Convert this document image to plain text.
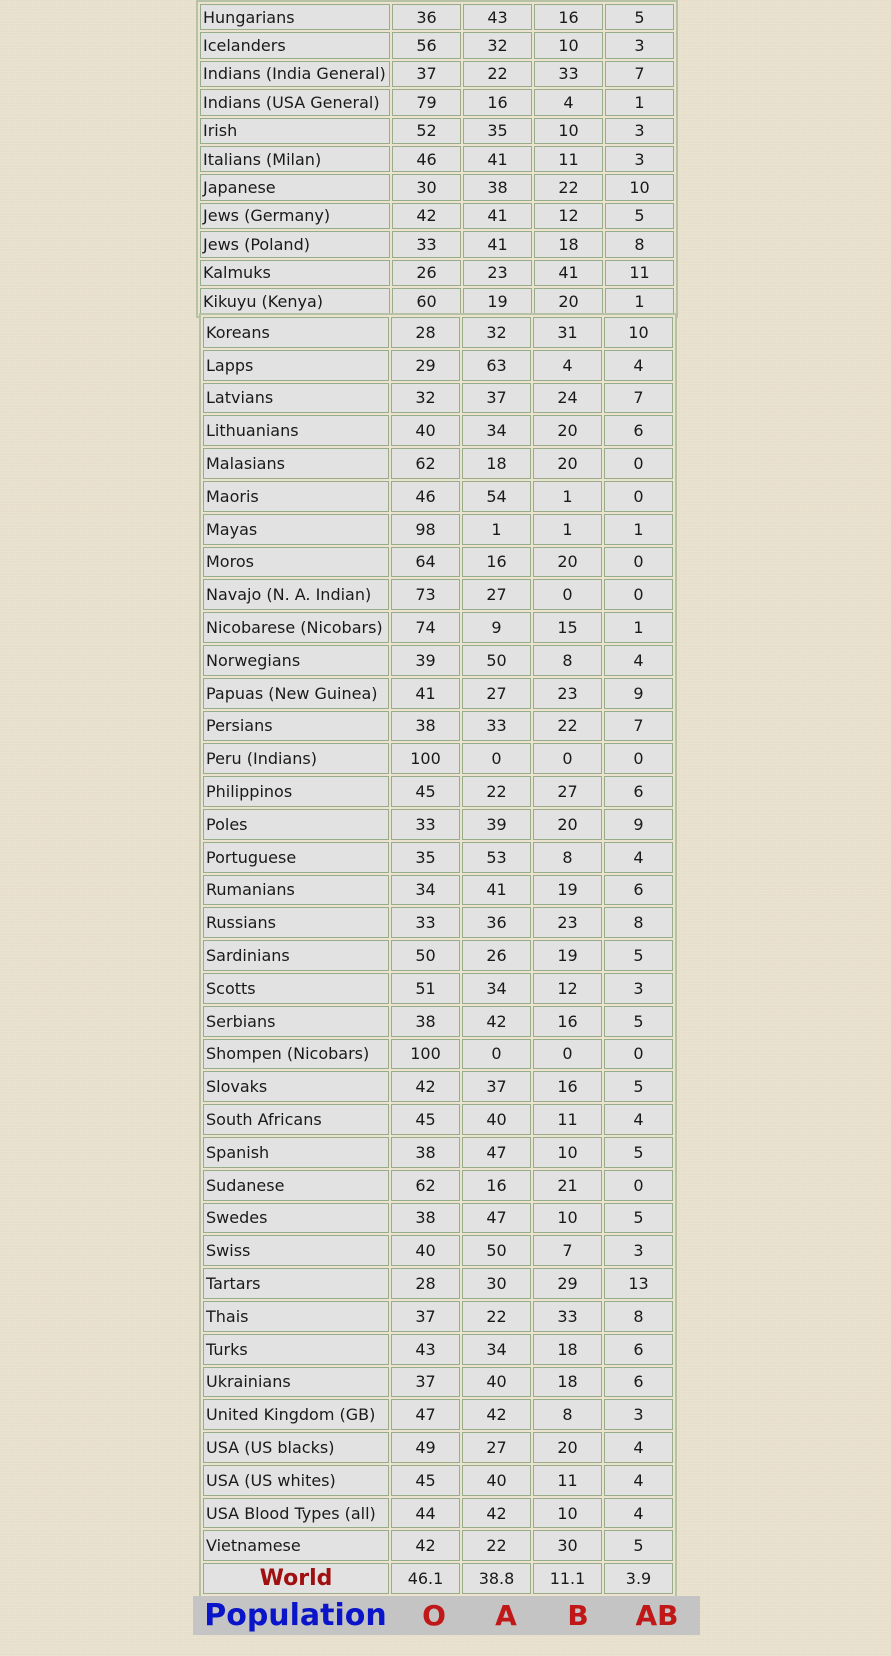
Hungarians	36	43	16	5
Icelanders	56	32	10	3
Indians (India General)	37	22	33	7
Indians (USA General)	79	16	4	1
Irish	52	35	10	3
Italians (Milan)	46	41	11	3
Japanese	30	38	22	10
Jews (Germany)	42	41	12	5
Jews (Poland)	33	41	18	8
Kalmuks	26	23	41	11
Kikuyu (Kenya)	60	19	20	1
Koreans	28	32	31	10
Lapps	29	63	4	4
Latvians	32	37	24	7
Lithuanians	40	34	20	6
Malasians	62	18	20	0
Maoris	46	54	1	0
Mayas	98	1	1	1
Moros	64	16	20	0
Navajo (N. A. Indian)	73	27	0	0
Nicobarese (Nicobars)	74	9	15	1
Norwegians	39	50	8	4
Papuas (New Guinea)	41	27	23	9
Persians	38	33	22	7
Peru (Indians)	100	0	0	0
Philippinos	45	22	27	6
Poles	33	39	20	9
Portuguese	35	53	8	4
Rumanians	34	41	19	6
Russians	33	36	23	8
Sardinians	50	26	19	5
Scotts	51	34	12	3
Serbians	38	42	16	5
Shompen (Nicobars)	100	0	0	0
Slovaks	42	37	16	5
South Africans	45	40	11	4
Spanish	38	47	10	5
Sudanese	62	16	21	0
Swedes	38	47	10	5
Swiss	40	50	7	3
Tartars	28	30	29	13
Thais	37	22	33	8
Turks	43	34	18	6
Ukrainians	37	40	18	6
United Kingdom (GB)	47	42	8	3
USA (US blacks)	49	27	20	4
USA (US whites)	45	40	11	4
USA Blood Types (all)	44	42	10	4
Vietnamese	42	22	30	5
World	46.1	38.8	11.1	3.9
Population	O	A	B	AB
